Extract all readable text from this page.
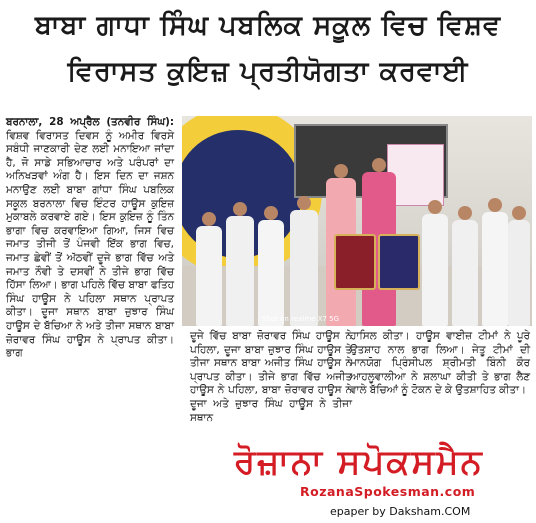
ਬਾਬਾ ਗਾਧਾ ਸਿੰਘ ਪਬਲਿਕ ਸਕੂਲ ਵਿਚ ਵਿਸ਼ਵ
ਵਿਰਾਸਤ ਕੁਇਜ਼ ਪ੍ਰਤੀਯੋਗਤਾ ਕਰਵਾਈ

ਬਰਨਾਲਾ, 28 ਅਪ੍ਰੈਲ (ਤਨਵੀਰ ਸਿੰਘ): ਵਿਸ਼ਵ ਵਿਰਾਸਤ ਦਿਵਸ ਨੂੰ ਅਮੀਰ ਵਿਰਸੇ ਸਬੰਧੀ ਜਾਣਕਾਰੀ ਦੇਣ ਲਈ ਮਨਾਇਆ ਜਾਂਦਾ ਹੈ, ਜੋ ਸਾਡੇ ਸਭਿਆਚਾਰ ਅਤੇ ਪਰੰਪਰਾਂ ਦਾ ਅਨਿਖੜਵਾਂ ਅੰਗ ਹੈ। ਇਸ ਦਿਨ ਦਾ ਜਸ਼ਨ ਮਨਾਉਣ ਲਈ ਬਾਬਾ ਗਾਂਧਾ ਸਿੰਘ ਪਬਲਿਕ ਸਕੂਲ ਬਰਨਾਲਾ ਵਿਚ ਇੰਟਰ ਹਾਊਸ ਕੁਇਜ਼ ਮੁਕਾਬਲੇ ਕਰਵਾਏ ਗਏ। ਇਸ ਕੁਇਜ਼ ਨੂੰ ਤਿੰਨ ਭਾਗਾ ਵਿਚ ਕਰਵਾਇਆ ਗਿਆ, ਜਿਸ ਵਿਚ ਜਮਾਤ ਤੀਜੀ ਤੋਂ ਪੰਜਵੀ ਇੱਕ ਭਾਗ ਵਿਚ, ਜਮਾਤ ਛੇਵੀਂ ਤੋਂ ਅੱਠਵੀਂ ਦੂਜੇ ਭਾਗ ਵਿੱਚ ਅਤੇ ਜਮਾਤ ਨੌਵੀ ਤੇ ਦਸਵੀਂ ਨੇ ਤੀਜੇ ਭਾਗ ਵਿੱਚ ਹਿੱਸਾ ਲਿਆ। ਭਾਗ ਪਹਿਲੇ ਵਿੱਚ ਬਾਬਾ ਫਤਿਹ ਸਿੰਘ ਹਾਊਸ ਨੇ ਪਹਿਲਾ ਸਥਾਨ ਪ੍ਰਾਪਤ ਕੀਤਾ। ਦੂਜਾ ਸਥਾਨ ਬਾਬਾ ਜ਼ੁਝਾਰ ਸਿੰਘ ਹਾਊਸ ਦੇ ਬੱਚਿਆ ਨੇ ਅਤੇ ਤੀਜਾ ਸਥਾਨ ਬਾਬਾ ਜ਼ੋਰਾਵਰ ਸਿੰਘ ਹਾਊਸ ਨੇ ਪ੍ਰਾਪਤ ਕੀਤਾ। ਭਾਗ

Shot on realme X7 5G

ਦੂਜੇ ਵਿੱਚ ਬਾਬਾ ਜ਼ੋਰਾਵਰ ਸਿੰਘ ਹਾਊਸ ਨੇ ਪਹਿਲਾ, ਦੂਜਾ ਬਾਬਾ ਜ਼ੁਝਾਰ ਸਿੰਘ ਹਾਊਸ ਤੇ ਤੀਜਾ ਸਥਾਨ ਬਾਬਾ ਅਜੀਤ ਸਿੰਘ ਹਾਊਸ ਨੇ ਪ੍ਰਾਪਤ ਕੀਤਾ। ਤੀਜੇ ਭਾਗ ਵਿੱਚ ਅਜੀਤ ਹਾਊਸ ਨੇ ਪਹਿਲਾ, ਬਾਬਾ ਜ਼ੋਰਾਵਰ ਹਾਊਸ ਨੇ ਦੂਜਾ ਅਤੇ ਜ਼ੁਝਾਰ ਸਿੰਘ ਹਾਊਸ ਨੇ ਤੀਜਾ ਸਥਾਨ

ਹਾਸਿਲ ਕੀਤਾ। ਹਾਊਸ ਵਾਈਜ਼ ਟੀਮਾਂ ਨੇ ਪੂਰੇ ਉਤਸ਼ਾਹ ਨਾਲ ਭਾਗ ਲਿਆ। ਜੇਤੂ ਟੀਮਾਂ ਦੀ ਮਾਨਯੋਗ ਪ੍ਰਿੰਸੀਪਲ ਸ਼੍ਰੀਮਤੀ ਬਿੰਨੀ ਕੌਰ ਆਹਲੂਵਾਲੀਆ ਨੇ ਸ਼ਲਾਘਾ ਕੀਤੀ ਤੇ ਭਾਗ ਲੈਣ ਵਾਲੇ ਬੱਚਿਆਂ ਨੂੰ ਟੋਕਨ ਦੇ ਕੇ ਉਤਸ਼ਾਹਿਤ ਕੀਤਾ।

ਰੋਜ਼ਾਨਾ ਸਪੋਕਸਮੈਨ
RozanaSpokesman.com
epaper by Daksham.COM
